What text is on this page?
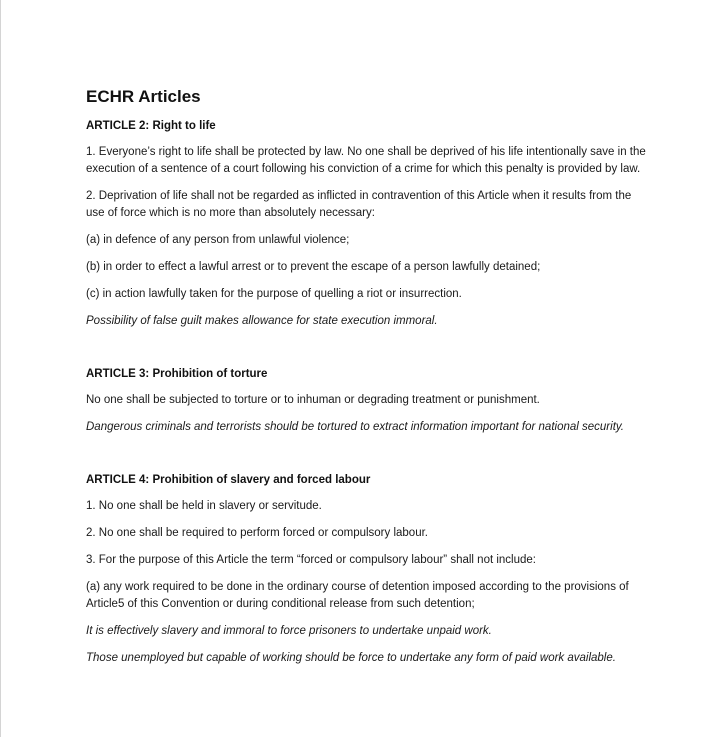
ECHR Articles
ARTICLE 2: Right to life

1. Everyone’s right to life shall be protected by law. No one shall be deprived of his life intentionally save in the execution of a sentence of a court following his conviction of a crime for which this penalty is provided by law.

2. Deprivation of life shall not be regarded as inflicted in contravention of this Article when it results from the use of force which is no more than absolutely necessary:

(a) in defence of any person from unlawful violence;

(b) in order to effect a lawful arrest or to prevent the escape of a person lawfully detained;

(c) in action lawfully taken for the purpose of quelling a riot or insurrection.

Possibility of false guilt makes allowance for state execution immoral.

ARTICLE 3: Prohibition of torture

No one shall be subjected to torture or to inhuman or degrading treatment or punishment.

Dangerous criminals and terrorists should be tortured to extract information important for national security.

ARTICLE 4: Prohibition of slavery and forced labour

1. No one shall be held in slavery or servitude.

2. No one shall be required to perform forced or compulsory labour.

3. For the purpose of this Article the term “forced or compulsory labour” shall not include:

(a) any work required to be done in the ordinary course of detention imposed according to the provisions of Article5 of this Convention or during conditional release from such detention;

It is effectively slavery and immoral to force prisoners to undertake unpaid work.

Those unemployed but capable of working should be force to undertake any form of paid work available.
